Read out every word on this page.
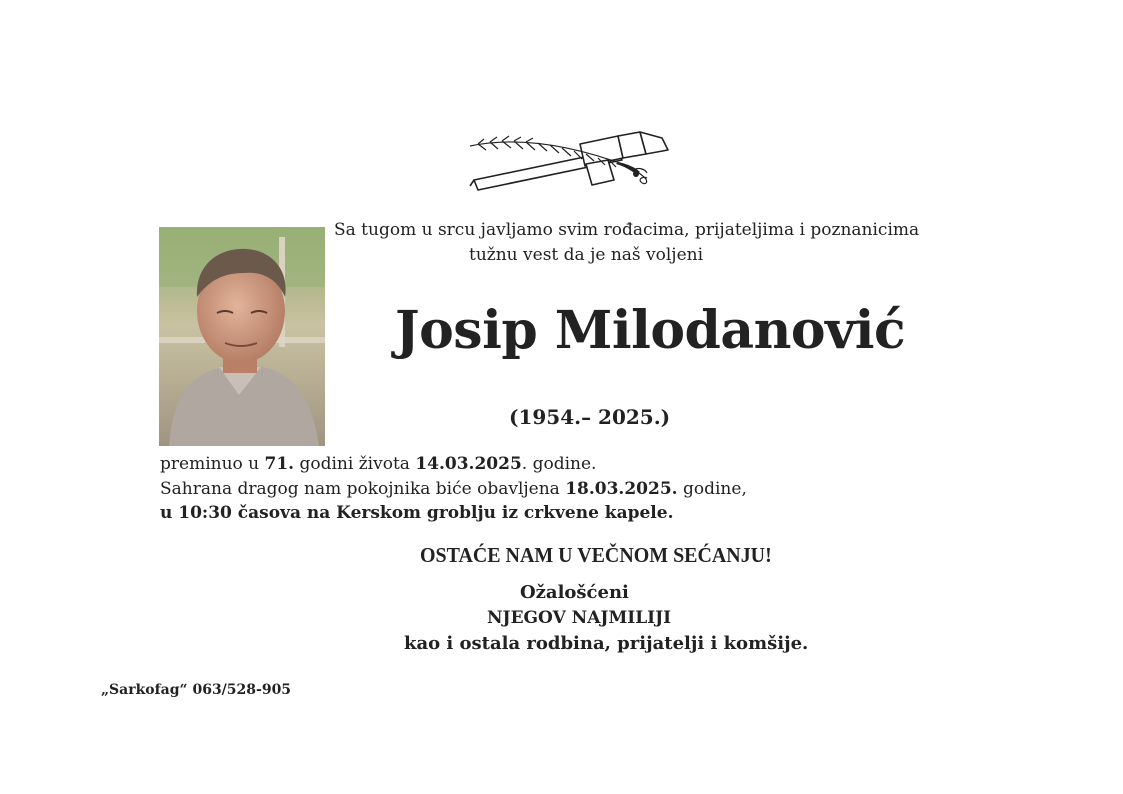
Sa tugom u srcu javljamo svim rođacima, prijateljima i poznanicima
tužnu vest da je naš voljeni
Josip Milodanović
(1954.– 2025.)
preminuo u 71. godini života 14.03.2025. godine.
Sahrana dragog nam pokojnika biće obavljena 18.03.2025. godine,
u 10:30 časova na Kerskom groblju iz crkvene kapele.
OSTAĆE NAM U VEČNOM SEĆANJU!
Ožalošćeni
NJEGOV NAJMILIJI
kao i ostala rodbina, prijatelji i komšije.
„Sarkofag“ 063/528-905
